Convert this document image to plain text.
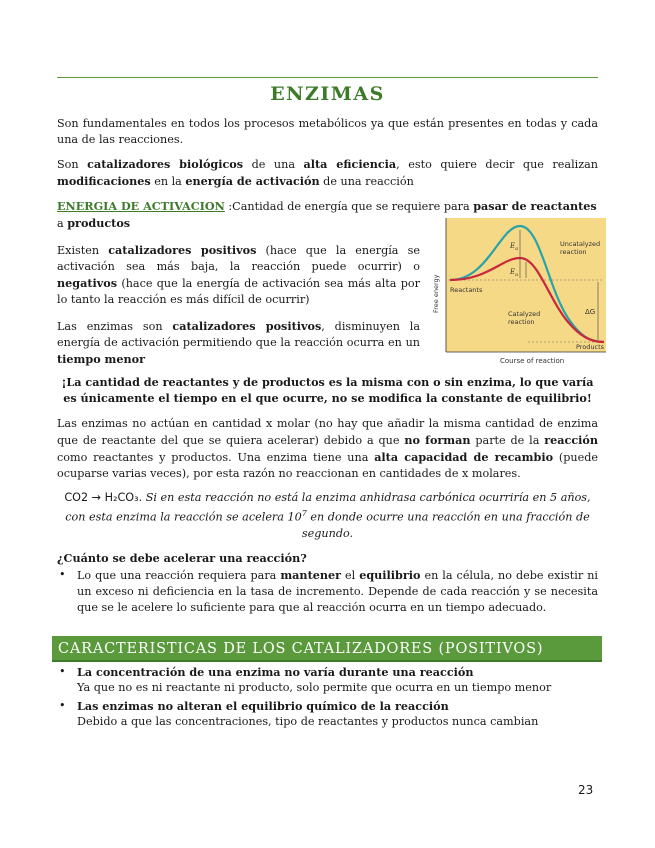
ENZIMAS

Son fundamentales en todos los procesos metabólicos ya que están presentes en todas y cada una de las reacciones.

Son catalizadores biológicos de una alta eficiencia, esto quiere decir que realizan modificaciones en la energía de activación de una reacción

ENERGIA DE ACTIVACION :Cantidad de energía que se requiere para pasar de reactantes a productos

Existen catalizadores positivos (hace que la energía se activación sea más baja, la reacción puede ocurrir) o negativos (hace que la energía de activación sea más alta por lo tanto la reacción es más difícil de ocurrir)

Las enzimas son catalizadores positivos, disminuyen la energía de activación permitiendo que la reacción ocurra en un tiempo menor

Free energy
Course of reaction
$E_a$
$E_a$
ΔG
Reactants
Products
Uncatalyzed
reaction
Catalyzed
reaction

¡La cantidad de reactantes y de productos es la misma con o sin enzima, lo que varía es únicamente el tiempo en el que ocurre, no se modifica la constante de equilibrio!

Las enzimas no actúan en cantidad x molar (no hay que añadir la misma cantidad de enzima que de reactante del que se quiera acelerar) debido a que no forman parte de la reacción como reactantes y productos. Una enzima tiene una alta capacidad de recambio (puede ocuparse varias veces), por esta razón no reaccionan en cantidades de x molares.

CO2 → H₂CO₃. Si en esta reacción no está la enzima anhidrasa carbónica ocurriría en 5 años, con esta enzima la reacción se acelera $10^7$ en donde ocurre una reacción en una fracción de segundo.

¿Cuánto se debe acelerar una reacción?

• Lo que una reacción requiera para mantener el equilibrio en la célula, no debe existir ni un exceso ni deficiencia en la tasa de incremento. Depende de cada reacción y se necesita que se le acelere lo suficiente para que al reacción ocurra en un tiempo adecuado.
CARACTERISTICAS DE LOS CATALIZADORES (POSITIVOS)
• La concentración de una enzima no varía durante una reacción
Ya que no es ni reactante ni producto, solo permite que ocurra en un tiempo menor
• Las enzimas no alteran el equilibrio químico de la reacción
Debido a que las concentraciones, tipo de reactantes y productos nunca cambian
23
